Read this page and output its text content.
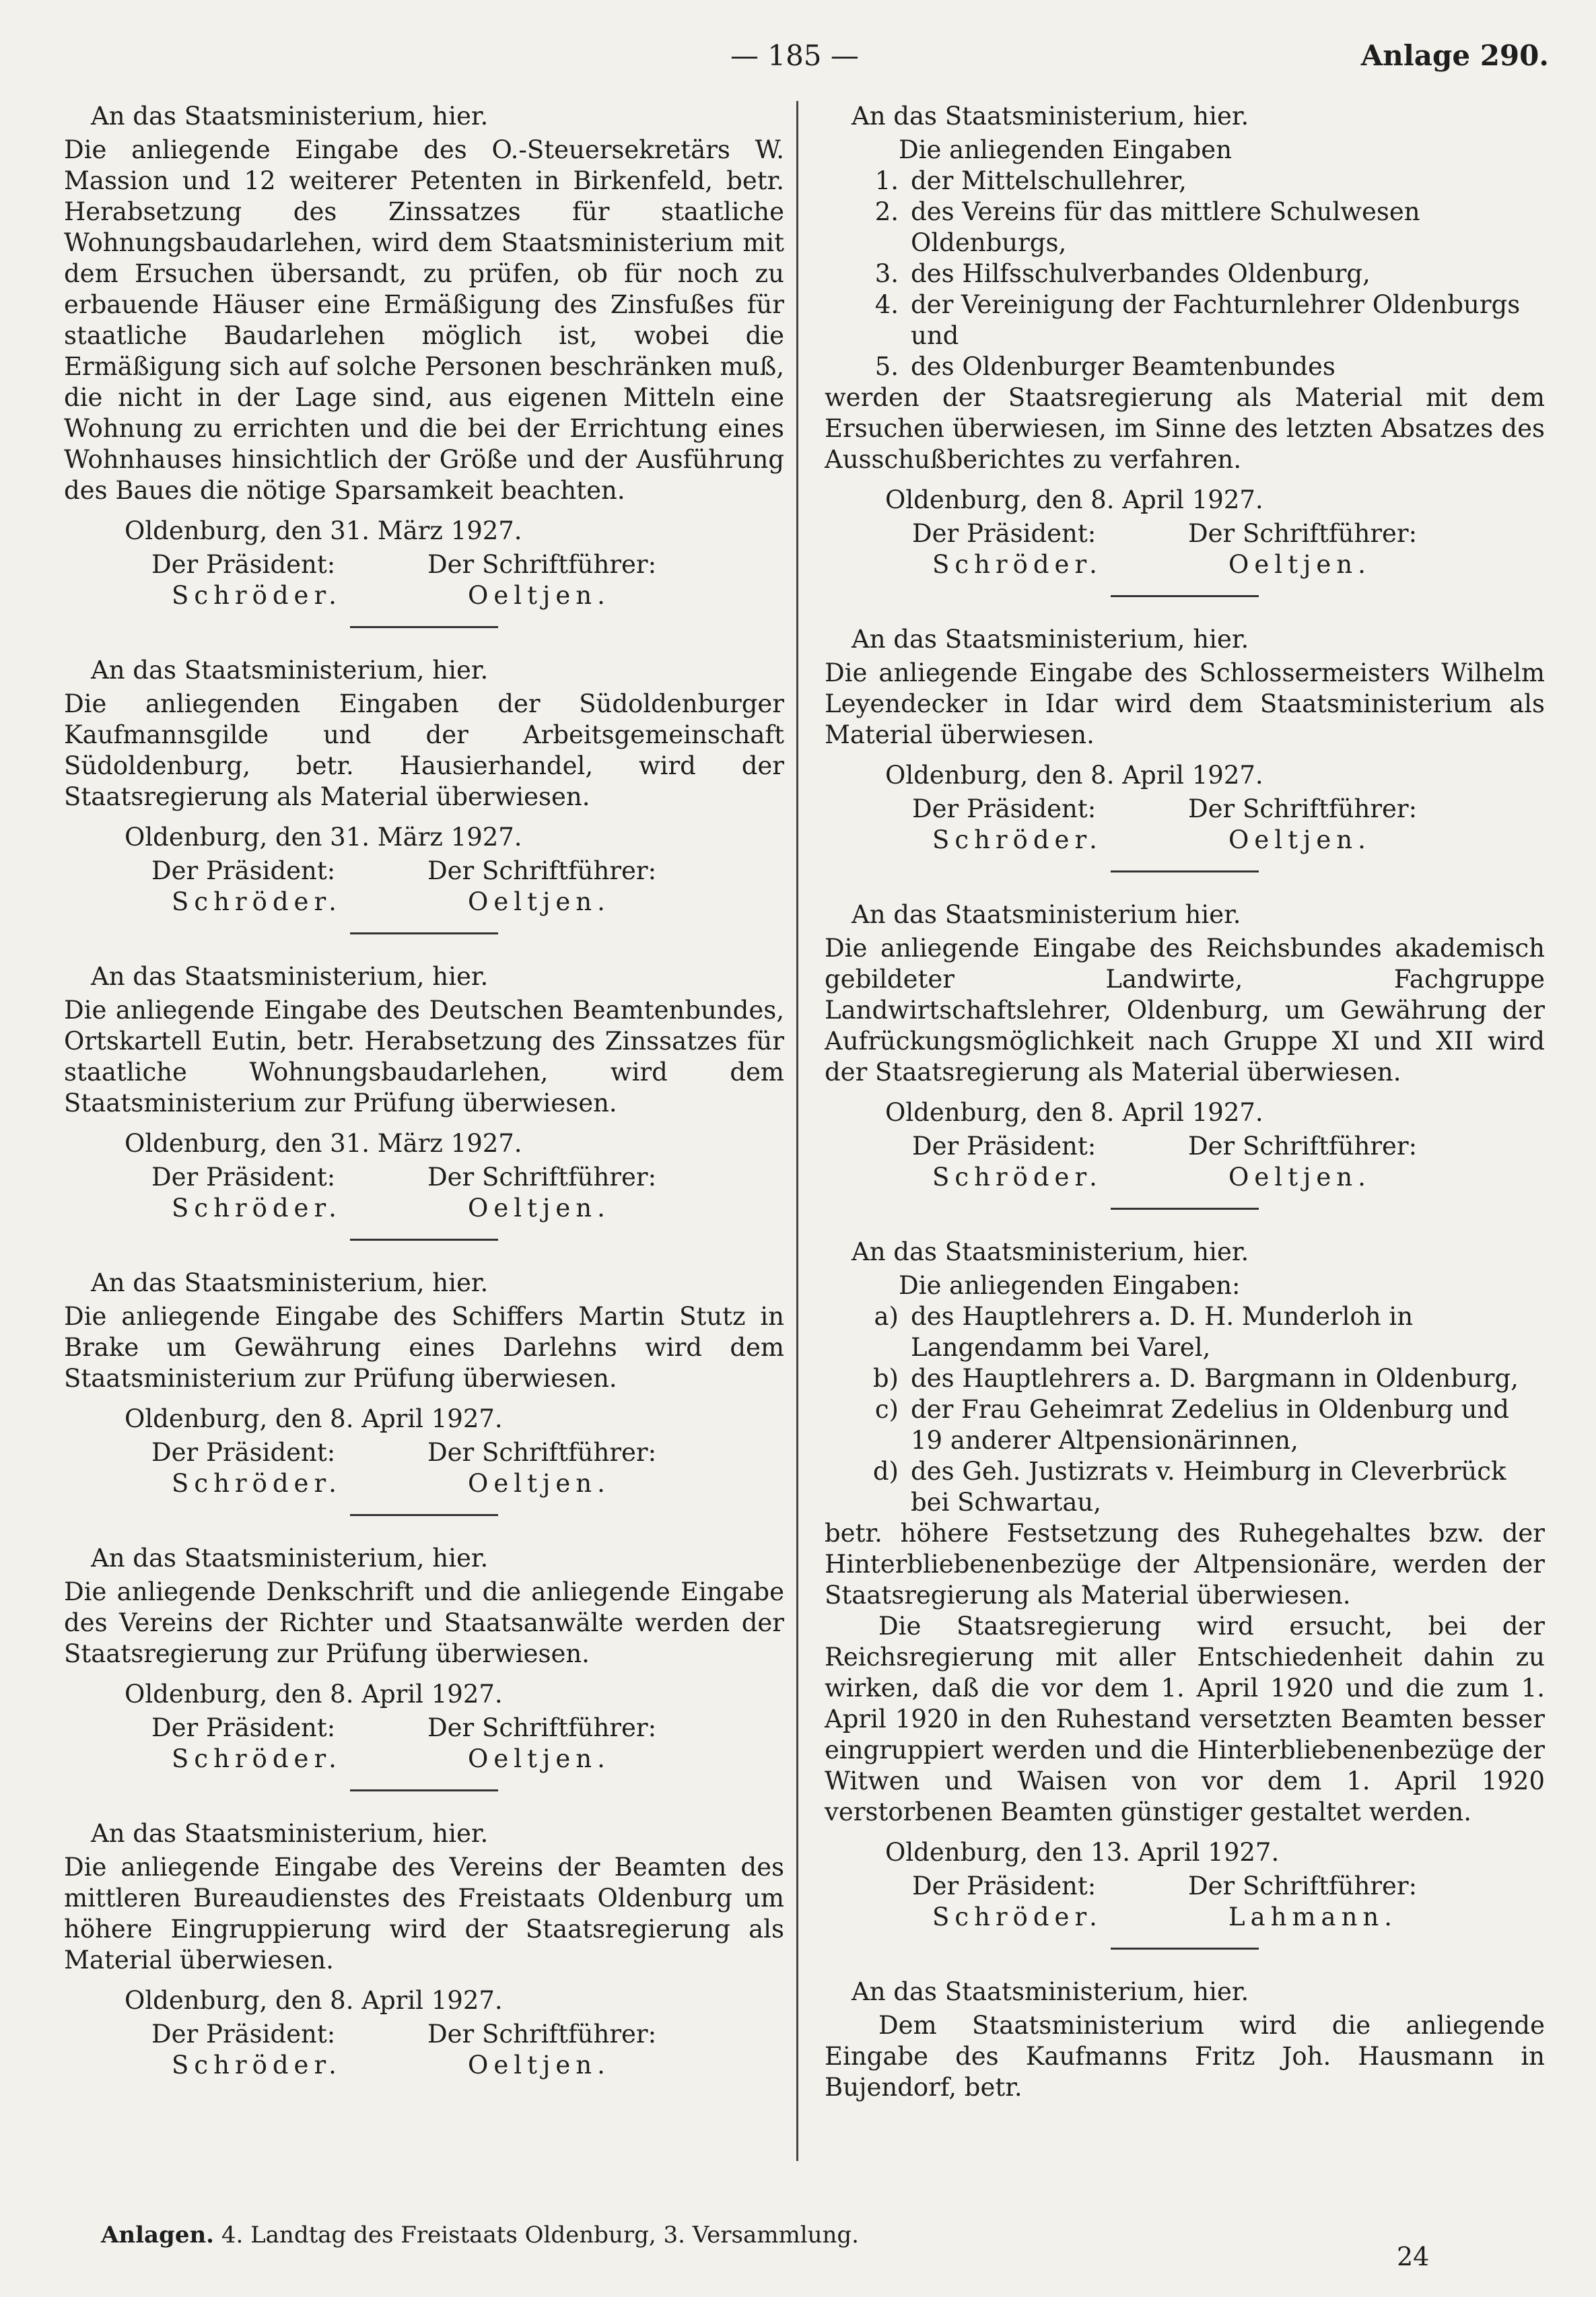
— 185 —	Anlage 290.

An das Staatsministerium, hier.

Die anliegende Eingabe des O.-Steuersekretärs W. Massion und 12 weiterer Petenten in Birkenfeld, betr. Herabsetzung des Zinssatzes für staatliche Wohnungsbaudarlehen, wird dem Staatsministerium mit dem Ersuchen übersandt, zu prüfen, ob für noch zu erbauende Häuser eine Ermäßigung des Zinsfußes für staatliche Baudarlehen möglich ist, wobei die Ermäßigung sich auf solche Personen beschränken muß, die nicht in der Lage sind, aus eigenen Mitteln eine Wohnung zu errichten und die bei der Errichtung eines Wohnhauses hinsichtlich der Größe und der Ausführung des Baues die nötige Sparsamkeit beachten.

Oldenburg, den 31. März 1927.

Der Präsident:	Der Schriftführer:
Schröder.	Oeltjen.

An das Staatsministerium, hier.

Die anliegenden Eingaben der Südoldenburger Kaufmannsgilde und der Arbeitsgemeinschaft Südoldenburg, betr. Hausierhandel, wird der Staatsregierung als Material überwiesen.

Oldenburg, den 31. März 1927.

Der Präsident:	Der Schriftführer:
Schröder.	Oeltjen.

An das Staatsministerium, hier.

Die anliegende Eingabe des Deutschen Beamtenbundes, Ortskartell Eutin, betr. Herabsetzung des Zinssatzes für staatliche Wohnungsbaudarlehen, wird dem Staatsministerium zur Prüfung überwiesen.

Oldenburg, den 31. März 1927.

Der Präsident:	Der Schriftführer:
Schröder.	Oeltjen.

An das Staatsministerium, hier.

Die anliegende Eingabe des Schiffers Martin Stutz in Brake um Gewährung eines Darlehns wird dem Staatsministerium zur Prüfung überwiesen.

Oldenburg, den 8. April 1927.

Der Präsident:	Der Schriftführer:
Schröder.	Oeltjen.

An das Staatsministerium, hier.

Die anliegende Denkschrift und die anliegende Eingabe des Vereins der Richter und Staatsanwälte werden der Staatsregierung zur Prüfung überwiesen.

Oldenburg, den 8. April 1927.

Der Präsident:	Der Schriftführer:
Schröder.	Oeltjen.

An das Staatsministerium, hier.

Die anliegende Eingabe des Vereins der Beamten des mittleren Bureaudienstes des Freistaats Oldenburg um höhere Eingruppierung wird der Staatsregierung als Material überwiesen.

Oldenburg, den 8. April 1927.

Der Präsident:	Der Schriftführer:
Schröder.	Oeltjen.

An das Staatsministerium, hier.

Die anliegenden Eingaben

1. der Mittelschullehrer,
2. des Vereins für das mittlere Schulwesen Oldenburgs,
3. des Hilfsschulverbandes Oldenburg,
4. der Vereinigung der Fachturnlehrer Oldenburgs und
5. des Oldenburger Beamtenbundes

werden der Staatsregierung als Material mit dem Ersuchen überwiesen, im Sinne des letzten Absatzes des Ausschußberichtes zu verfahren.

Oldenburg, den 8. April 1927.

Der Präsident:	Der Schriftführer:
Schröder.	Oeltjen.

An das Staatsministerium, hier.

Die anliegende Eingabe des Schlossermeisters Wilhelm Leyendecker in Idar wird dem Staatsministerium als Material überwiesen.

Oldenburg, den 8. April 1927.

Der Präsident:	Der Schriftführer:
Schröder.	Oeltjen.

An das Staatsministerium hier.

Die anliegende Eingabe des Reichsbundes akademisch gebildeter Landwirte, Fachgruppe Landwirtschaftslehrer, Oldenburg, um Gewährung der Aufrückungsmöglichkeit nach Gruppe XI und XII wird der Staatsregierung als Material überwiesen.

Oldenburg, den 8. April 1927.

Der Präsident:	Der Schriftführer:
Schröder.	Oeltjen.

An das Staatsministerium, hier.

Die anliegenden Eingaben:

a) des Hauptlehrers a. D. H. Munderloh in Langendamm bei Varel,
b) des Hauptlehrers a. D. Bargmann in Oldenburg,
c) der Frau Geheimrat Zedelius in Oldenburg und 19 anderer Altpensionärinnen,
d) des Geh. Justizrats v. Heimburg in Cleverbrück bei Schwartau,

betr. höhere Festsetzung des Ruhegehaltes bzw. der Hinterbliebenenbezüge der Altpensionäre, werden der Staatsregierung als Material überwiesen.

Die Staatsregierung wird ersucht, bei der Reichsregierung mit aller Entschiedenheit dahin zu wirken, daß die vor dem 1. April 1920 und die zum 1. April 1920 in den Ruhestand versetzten Beamten besser eingruppiert werden und die Hinterbliebenenbezüge der Witwen und Waisen von vor dem 1. April 1920 verstorbenen Beamten günstiger gestaltet werden.

Oldenburg, den 13. April 1927.

Der Präsident:	Der Schriftführer:
Schröder.	Lahmann.

An das Staatsministerium, hier.

Dem Staatsministerium wird die anliegende Eingabe des Kaufmanns Fritz Joh. Hausmann in Bujendorf, betr.

Anlagen. 4. Landtag des Freistaats Oldenburg, 3. Versammlung.
24
